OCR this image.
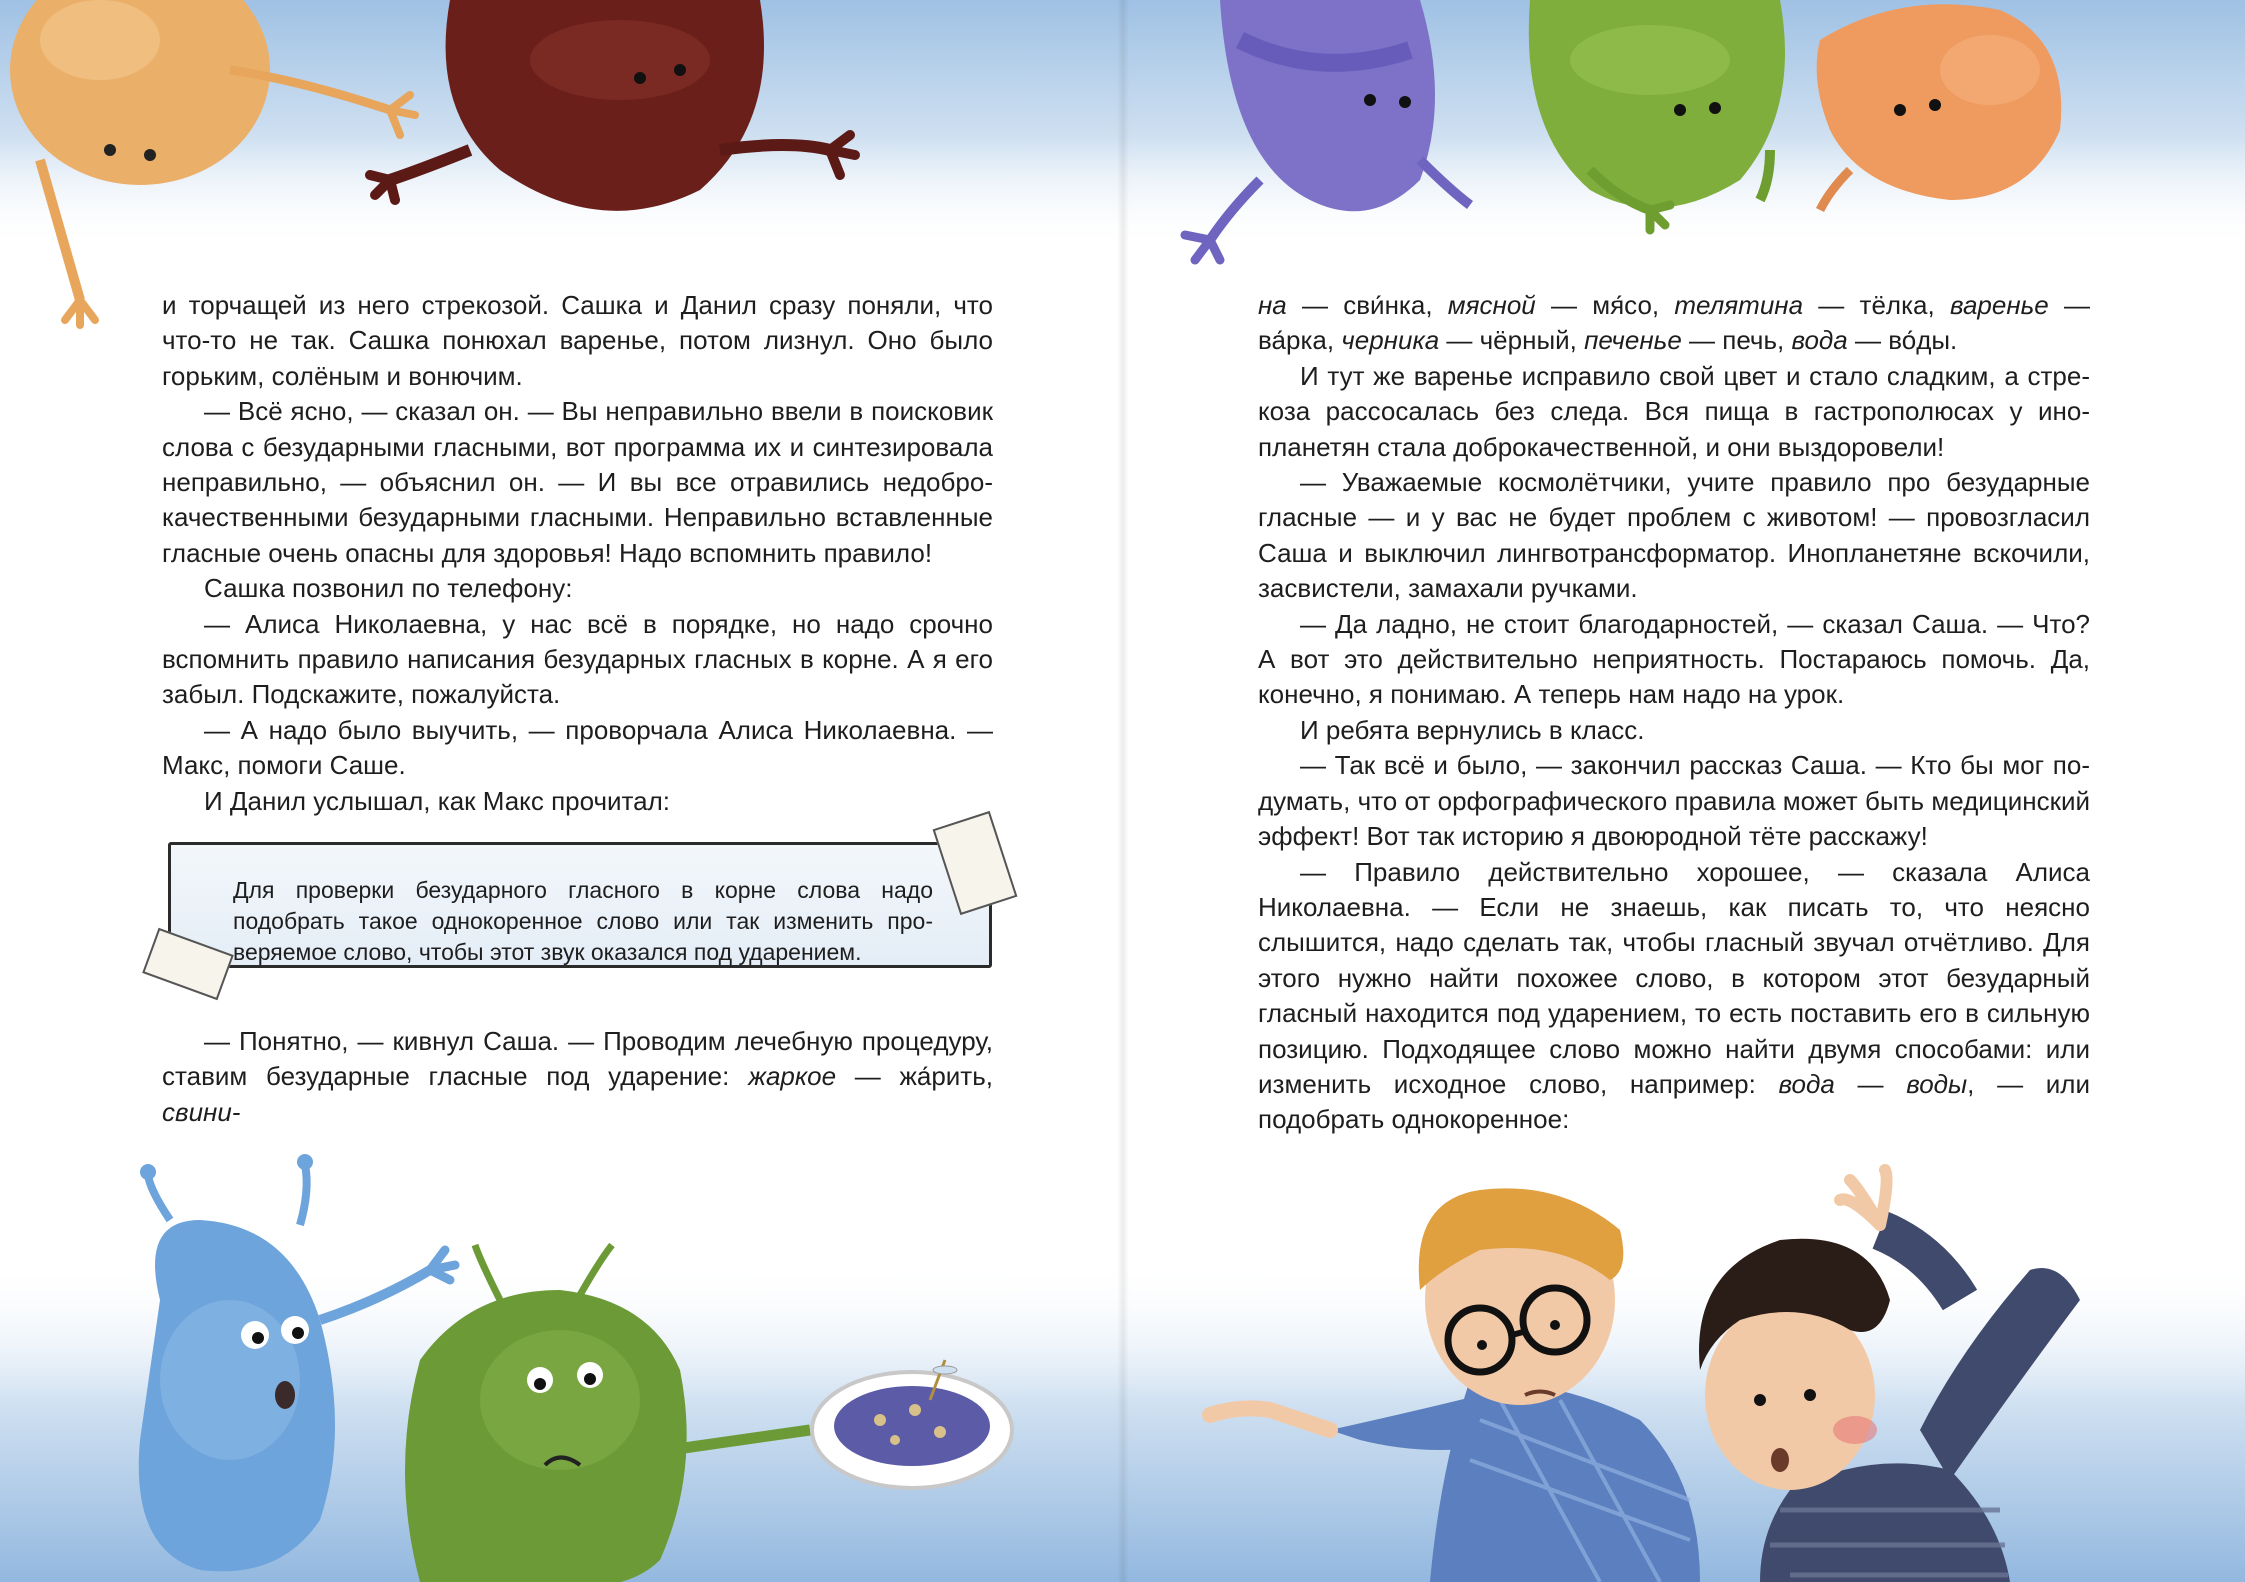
и торчащей из него стрекозой. Сашка и Данил сразу поняли, что что-то не так. Сашка понюхал варенье, потом лизнул. Оно было горьким, солёным и вонючим.

— Всё ясно, — сказал он. — Вы неправильно ввели в поисковик слова с безударными гласными, вот программа их и синтезировала неправильно, — объяснил он. — И вы все отравились недоброкачественными безударными гласными. Неправильно вставленные гласные очень опасны для здоровья! Надо вспомнить правило!

Сашка позвонил по телефону:

— Алиса Николаевна, у нас всё в порядке, но надо срочно вспомнить правило написания безударных гласных в корне. А я его забыл. Подскажите, пожалуйста.

— А надо было выучить, — проворчала Алиса Николаевна. — Макс, помоги Саше.

И Данил услышал, как Макс прочитал:

Для проверки безударного гласного в корне слова надо подобрать такое однокоренное слово или так изменить проверяемое слово, чтобы этот звук оказался под ударением.

— Понятно, — кивнул Саша. — Проводим лечебную процедуру, ставим безударные гласные под ударение: жаркое — жа́рить, свини-

на — сви́нка, мясной — мя́со, телятина — тёлка, варенье — ва́рка, черника — чёрный, печенье — печь, вода — во́ды.

И тут же варенье исправило свой цвет и стало сладким, а стрекоза рассосалась без следа. Вся пища в гастрополюсах у инопланетян стала доброкачественной, и они выздоровели!

— Уважаемые космолётчики, учите правило про безударные гласные — и у вас не будет проблем с животом! — провозгласил Саша и выключил лингвотрансформатор. Инопланетяне вскочили, засвистели, замахали ручками.

— Да ладно, не стоит благодарностей, — сказал Саша. — Что? А вот это действительно неприятность. Постараюсь помочь. Да, конечно, я понимаю. А теперь нам надо на урок.

И ребята вернулись в класс.

— Так всё и было, — закончил рассказ Саша. — Кто бы мог подумать, что от орфографического правила может быть медицинский эффект! Вот так историю я двоюродной тёте расскажу!

— Правило действительно хорошее, — сказала Алиса Николаевна. — Если не знаешь, как писать то, что неясно слышится, надо сделать так, чтобы гласный звучал отчётливо. Для этого нужно найти похожее слово, в котором этот безударный гласный находится под ударением, то есть поставить его в сильную позицию. Подходящее слово можно найти двумя способами: или изменить исходное слово, например: вода — воды, — или подобрать однокоренное:
